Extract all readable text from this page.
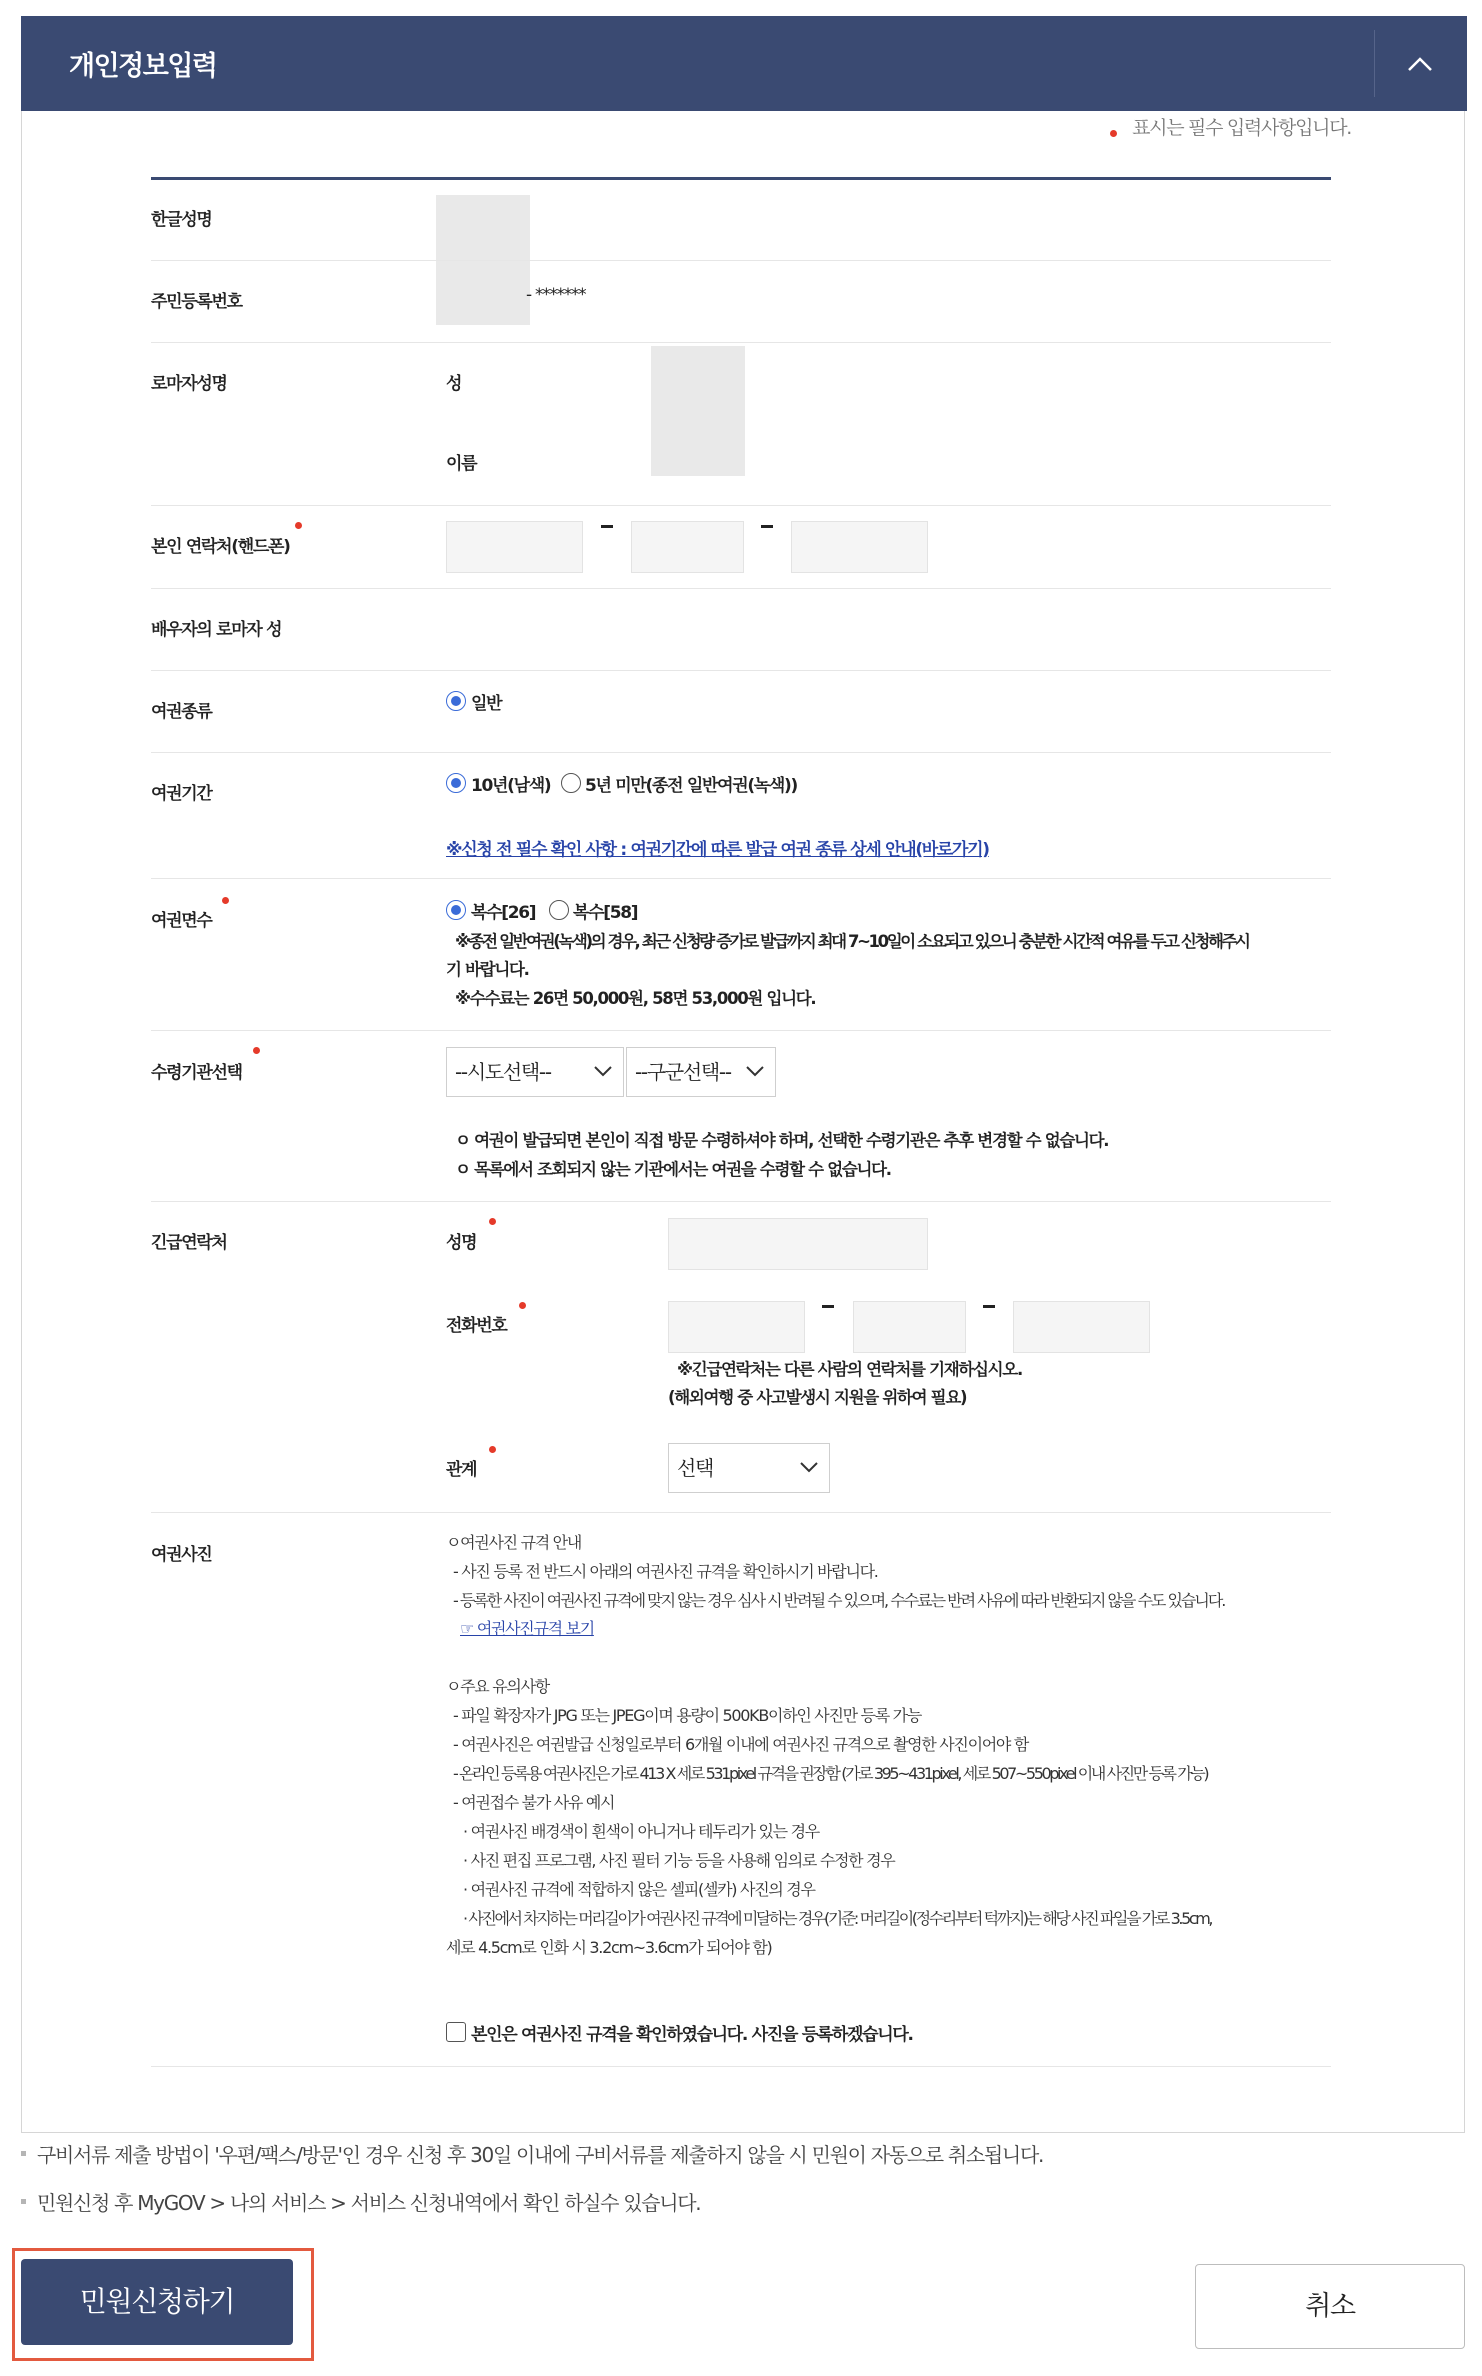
개인정보입력
표시는 필수 입력사항입니다.
한글성명
주민등록번호	- *******
로마자성명	성
이름
본인 연락처(핸드폰)
배우자의 로마자 성
여권종류	일반
여권기간	10년(남색) 5년 미만(종전 일반여권(녹색))
※신청 전 필수 확인 사항 : 여권기간에 따른 발급 여권 종류 상세 안내(바로가기)
여권면수	복수[26] 복수[58]
※종전 일반여권(녹색)의 경우, 최근 신청량 증가로 발급까지 최대 7~10일이 소요되고 있으니 충분한 시간적 여유를 두고 신청해주시
기 바랍니다.
※수수료는 26면 50,000원, 58면 53,000원 입니다.
수령기관선택	--시도선택--	--구군선택--
ㅇ 여권이 발급되면 본인이 직접 방문 수령하셔야 하며, 선택한 수령기관은 추후 변경할 수 없습니다.
ㅇ 목록에서 조회되지 않는 기관에서는 여권을 수령할 수 없습니다.
긴급연락처	성명
전화번호
※긴급연락처는 다른 사람의 연락처를 기재하십시오.
(해외여행 중 사고발생시 지원을 위하여 필요)
관계	선택
여권사진
ㅇ여권사진 규격 안내
- 사진 등록 전 반드시 아래의 여권사진 규격을 확인하시기 바랍니다.
- 등록한 사진이 여권사진 규격에 맞지 않는 경우 심사 시 반려될 수 있으며, 수수료는 반려 사유에 따라 반환되지 않을 수도 있습니다.
☞ 여권사진규격 보기
ㅇ주요 유의사항
- 파일 확장자가 JPG 또는 JPEG이며 용량이 500KB이하인 사진만 등록 가능
- 여권사진은 여권발급 신청일로부터 6개월 이내에 여권사진 규격으로 촬영한 사진이어야 함
- 온라인 등록용 여권사진은 가로 413 X 세로 531pixel 규격을 권장함 (가로 395~431pixel, 세로 507~550pixel 이내 사진만 등록 가능)
- 여권접수 불가 사유 예시
· 여권사진 배경색이 흰색이 아니거나 테두리가 있는 경우
· 사진 편집 프로그램, 사진 필터 기능 등을 사용해 임의로 수정한 경우
· 여권사진 규격에 적합하지 않은 셀피(셀카) 사진의 경우
· 사진에서 차지하는 머리길이가 여권사진 규격에 미달하는 경우(기준: 머리길이(정수리부터 턱까지)는 해당 사진 파일을 가로 3.5cm,
세로 4.5cm로 인화 시 3.2cm~3.6cm가 되어야 함)
본인은 여권사진 규격을 확인하였습니다. 사진을 등록하겠습니다.
구비서류 제출 방법이 '우편/팩스/방문'인 경우 신청 후 30일 이내에 구비서류를 제출하지 않을 시 민원이 자동으로 취소됩니다.
민원신청 후 MyGOV > 나의 서비스 > 서비스 신청내역에서 확인 하실수 있습니다.
민원신청하기	취소
